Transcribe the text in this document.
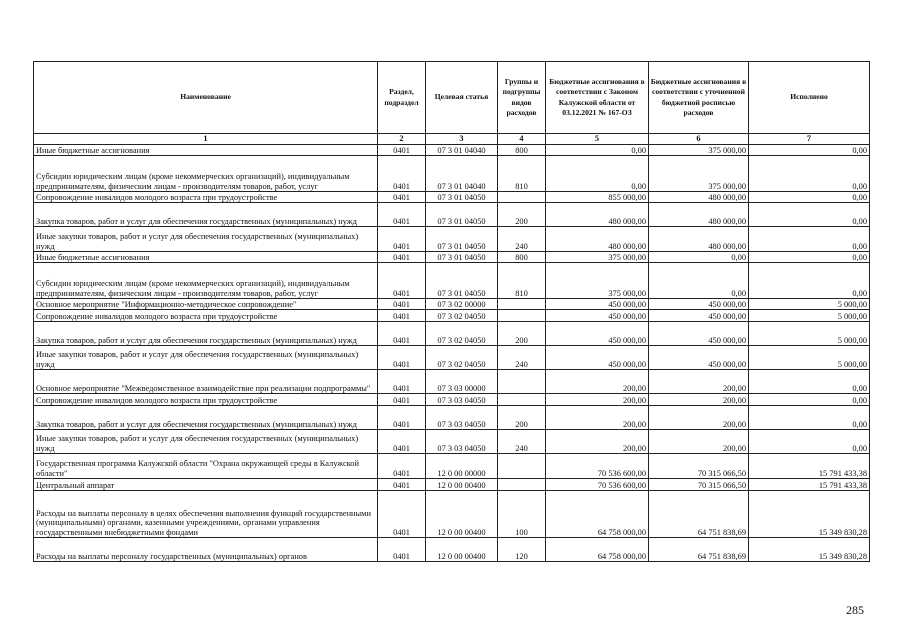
Наименование	Раздел, подраздел	Целевая статья	Группы и подгруппы видов расходов	Бюджетные ассигнования в соответствии с Законом Калужской области от 03.12.2021 № 167-ОЗ	Бюджетные ассигнования в соответствии с уточненной бюджетной росписью расходов	Исполнено
1	2	3	4	5	6	7
Иные бюджетные ассигнования	0401	07 3 01 04040	800	0,00	375 000,00	0,00
Субсидии юридическим лицам (кроме некоммерческих организаций), индивидуальным предпринимателям, физическим лицам - производителям товаров, работ, услуг	0401	07 3 01 04040	810	0,00	375 000,00	0,00
Сопровождение инвалидов молодого возраста при трудоустройстве	0401	07 3 01 04050		855 000,00	480 000,00	0,00
Закупка товаров, работ и услуг для обеспечения государственных (муниципальных) нужд	0401	07 3 01 04050	200	480 000,00	480 000,00	0,00
Иные закупки товаров, работ и услуг для обеспечения государственных (муниципальных) нужд	0401	07 3 01 04050	240	480 000,00	480 000,00	0,00
Иные бюджетные ассигнования	0401	07 3 01 04050	800	375 000,00	0,00	0,00
Субсидии юридическим лицам (кроме некоммерческих организаций), индивидуальным предпринимателям, физическим лицам - производителям товаров, работ, услуг	0401	07 3 01 04050	810	375 000,00	0,00	0,00
Основное мероприятие "Информационно-методическое сопровождение"	0401	07 3 02 00000		450 000,00	450 000,00	5 000,00
Сопровождение инвалидов молодого возраста при трудоустройстве	0401	07 3 02 04050		450 000,00	450 000,00	5 000,00
Закупка товаров, работ и услуг для обеспечения государственных (муниципальных) нужд	0401	07 3 02 04050	200	450 000,00	450 000,00	5 000,00
Иные закупки товаров, работ и услуг для обеспечения государственных (муниципальных) нужд	0401	07 3 02 04050	240	450 000,00	450 000,00	5 000,00
Основное мероприятие "Межведомственное взаимодействие при реализации подпрограммы"	0401	07 3 03 00000		200,00	200,00	0,00
Сопровождение инвалидов молодого возраста при трудоустройстве	0401	07 3 03 04050		200,00	200,00	0,00
Закупка товаров, работ и услуг для обеспечения государственных (муниципальных) нужд	0401	07 3 03 04050	200	200,00	200,00	0,00
Иные закупки товаров, работ и услуг для обеспечения государственных (муниципальных) нужд	0401	07 3 03 04050	240	200,00	200,00	0,00
Государственная программа Калужской области "Охрана окружающей среды в Калужской области"	0401	12 0 00 00000		70 536 600,00	70 315 066,50	15 791 433,38
Центральный аппарат	0401	12 0 00 00400		70 536 600,00	70 315 066,50	15 791 433,38
Расходы на выплаты персоналу в целях обеспечения выполнения функций государственными (муниципальными) органами, казенными учреждениями, органами управления государственными внебюджетными фондами	0401	12 0 00 00400	100	64 758 000,00	64 751 838,69	15 349 830,28
Расходы на выплаты персоналу государственных (муниципальных) органов	0401	12 0 00 00400	120	64 758 000,00	64 751 838,69	15 349 830,28
285
